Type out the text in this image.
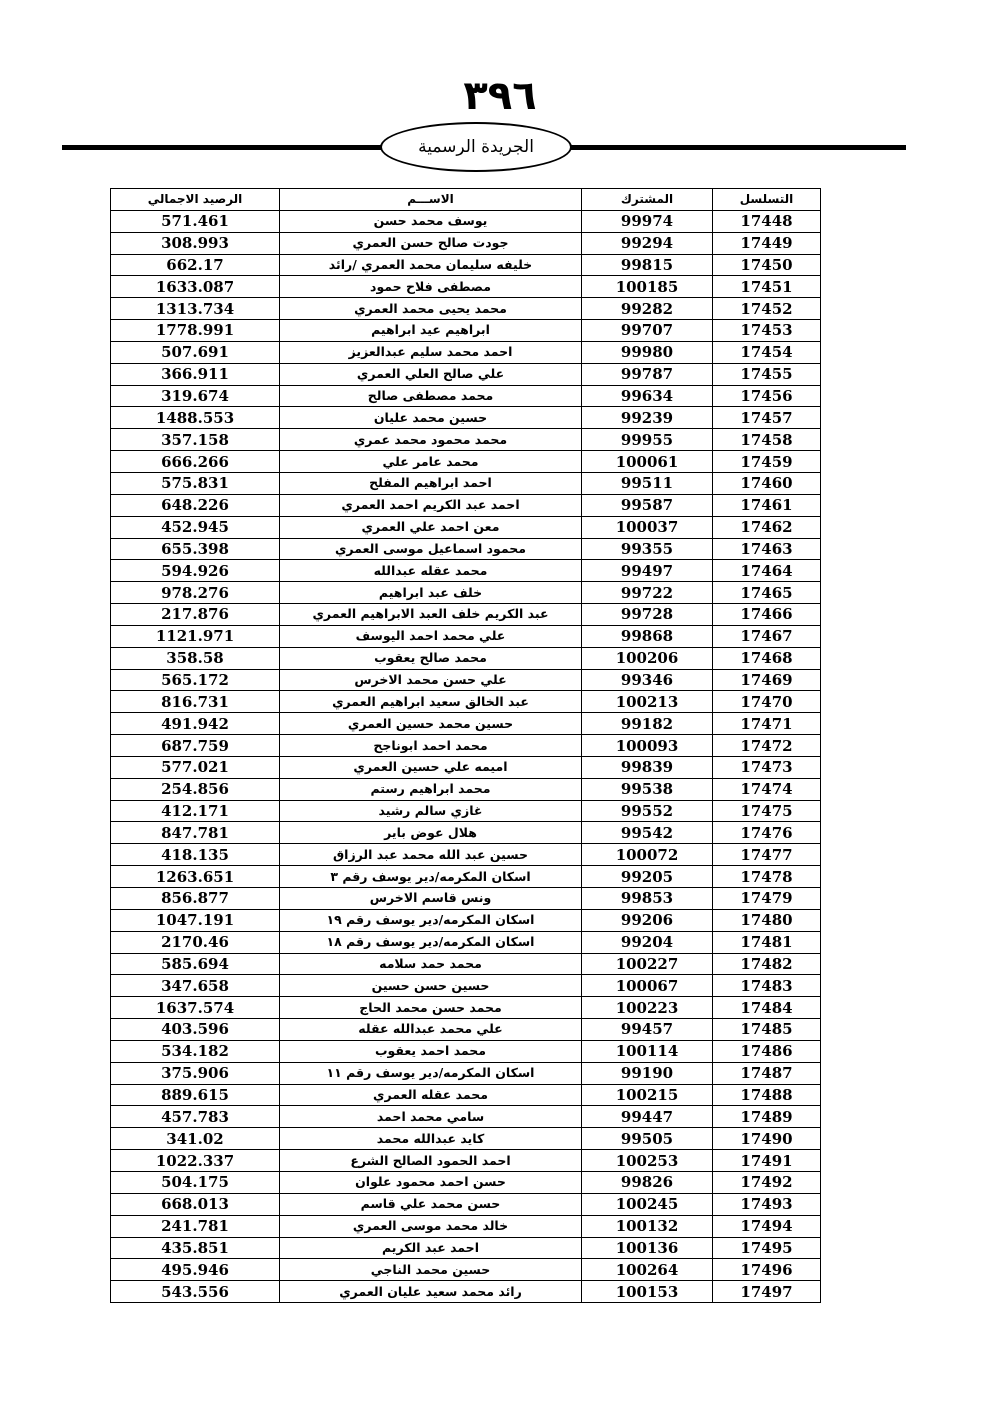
٣٩٦
الجريدة الرسمية
التسلسل	المشترك	الاســـم	الرصيد الاجمالي
17448	99974	يوسف محمد حسن	571.461
17449	99294	جودت صالح حسن العمري	308.993
17450	99815	خليفه سليمان محمد العمري /رائد	662.17
17451	100185	مصطفى فلاح حمود	1633.087
17452	99282	محمد يحيى محمد العمري	1313.734
17453	99707	ابراهيم عيد ابراهيم	1778.991
17454	99980	احمد محمد سليم عبدالعزيز	507.691
17455	99787	علي صالح العلي العمري	366.911
17456	99634	محمد مصطفى صالح	319.674
17457	99239	حسين محمد عليان	1488.553
17458	99955	محمد محمود محمد عمري	357.158
17459	100061	محمد عامر علي	666.266
17460	99511	احمد ابراهيم المفلح	575.831
17461	99587	احمد عبد الكريم احمد العمري	648.226
17462	100037	معن احمد علي العمري	452.945
17463	99355	محمود اسماعيل موسى العمري	655.398
17464	99497	محمد عقله عبدالله	594.926
17465	99722	خلف عبد ابراهيم	978.276
17466	99728	عبد الكريم خلف العبد الابراهيم العمري	217.876
17467	99868	علي محمد احمد اليوسف	1121.971
17468	100206	محمد صالح يعقوب	358.58
17469	99346	علي حسن محمد الاخرس	565.172
17470	100213	عبد الخالق سعيد ابراهيم العمري	816.731
17471	99182	حسين محمد حسين العمري	491.942
17472	100093	محمد احمد ابوناجح	687.759
17473	99839	اميمه علي حسين العمري	577.021
17474	99538	محمد ابراهيم رستم	254.856
17475	99552	غازي سالم رشيد	412.171
17476	99542	هلال عوض باير	847.781
17477	100072	حسين عبد الله محمد عبد الرزاق	418.135
17478	99205	اسكان المكرمه/دير يوسف رقم ٣	1263.651
17479	99853	ونس قاسم الاخرس	856.877
17480	99206	اسكان المكرمه/دير يوسف رقم ١٩	1047.191
17481	99204	اسكان المكرمه/دير يوسف رقم ١٨	2170.46
17482	100227	محمد حمد سلامه	585.694
17483	100067	حسين حسن حسين	347.658
17484	100223	محمد حسن محمد الحاج	1637.574
17485	99457	علي محمد عبدالله عقله	403.596
17486	100114	محمد احمد يعقوب	534.182
17487	99190	اسكان المكرمه/دير يوسف رقم ١١	375.906
17488	100215	محمد عقله العمري	889.615
17489	99447	سامي محمد احمد	457.783
17490	99505	كايد عبدالله محمد	341.02
17491	100253	احمد الحمود الصالح الشرع	1022.337
17492	99826	حسن احمد محمود علوان	504.175
17493	100245	حسن محمد علي قاسم	668.013
17494	100132	خالد محمد موسى العمري	241.781
17495	100136	احمد عبد الكريم	435.851
17496	100264	حسين محمد الناجي	495.946
17497	100153	رائد محمد سعيد عليان العمري	543.556
